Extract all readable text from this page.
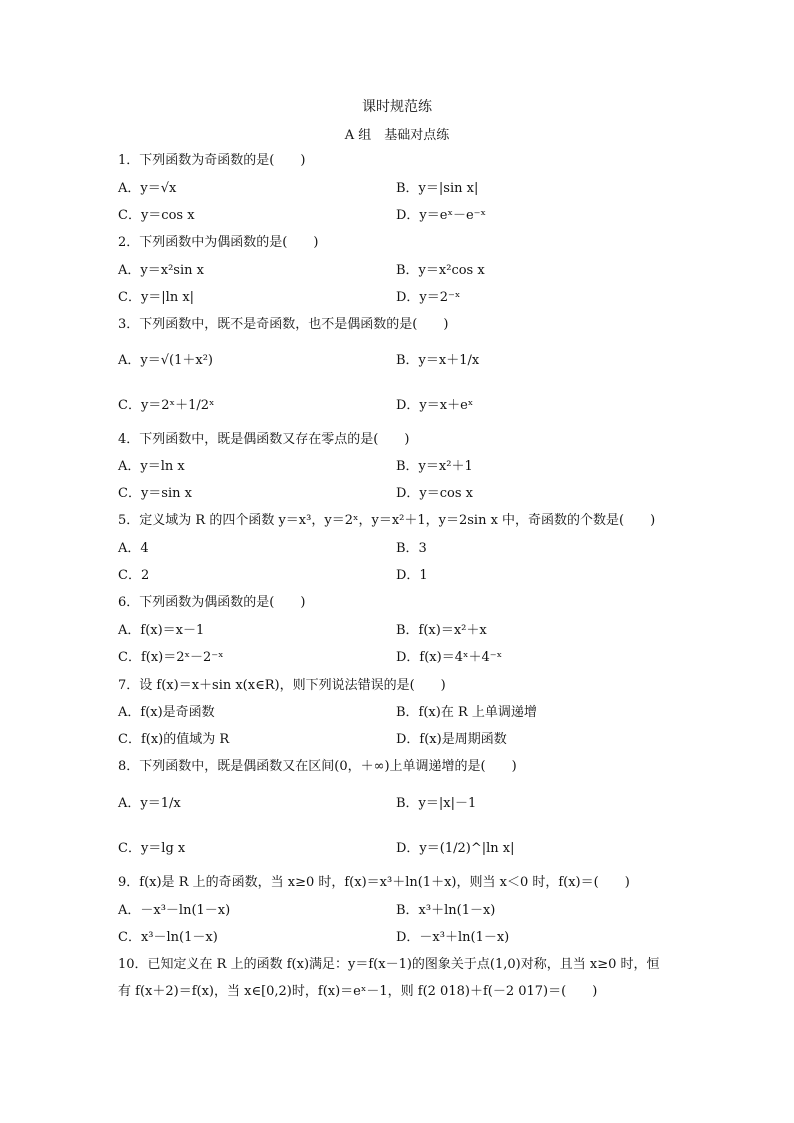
课时规范练
A 组　基础对点练
1．下列函数为奇函数的是(　　)
A．y＝√x	B．y＝|sin x|
C．y＝cos x	D．y＝eˣ－e⁻ˣ
2．下列函数中为偶函数的是(　　)
A．y＝x²sin x	B．y＝x²cos x
C．y＝|ln x|	D．y＝2⁻ˣ
3．下列函数中，既不是奇函数，也不是偶函数的是(　　)
A．y＝√(1＋x²)	B．y＝x＋1/x
C．y＝2ˣ＋1/2ˣ	D．y＝x＋eˣ
4．下列函数中，既是偶函数又存在零点的是(　　)
A．y＝ln x	B．y＝x²＋1
C．y＝sin x	D．y＝cos x
5．定义域为 R 的四个函数 y＝x³，y＝2ˣ，y＝x²＋1，y＝2sin x 中，奇函数的个数是(　　)
A．4	B．3
C．2	D．1
6．下列函数为偶函数的是(　　)
A．f(x)＝x－1	B．f(x)＝x²＋x
C．f(x)＝2ˣ－2⁻ˣ	D．f(x)＝4ˣ＋4⁻ˣ
7．设 f(x)＝x＋sin x(x∈R)，则下列说法错误的是(　　)
A．f(x)是奇函数	B．f(x)在 R 上单调递增
C．f(x)的值域为 R	D．f(x)是周期函数
8．下列函数中，既是偶函数又在区间(0，＋∞)上单调递增的是(　　)
A．y＝1/x	B．y＝|x|－1
C．y＝lg x	D．y＝(1/2)^|ln x|
9．f(x)是 R 上的奇函数，当 x≥0 时，f(x)＝x³＋ln(1＋x)，则当 x＜0 时，f(x)＝(　　)
A．－x³－ln(1－x)	B．x³＋ln(1－x)
C．x³－ln(1－x)	D．－x³＋ln(1－x)
10．已知定义在 R 上的函数 f(x)满足：y＝f(x－1)的图象关于点(1,0)对称，且当 x≥0 时，恒
有 f(x＋2)＝f(x)，当 x∈[0,2)时，f(x)＝eˣ－1，则 f(2 018)＋f(－2 017)＝(　　)
